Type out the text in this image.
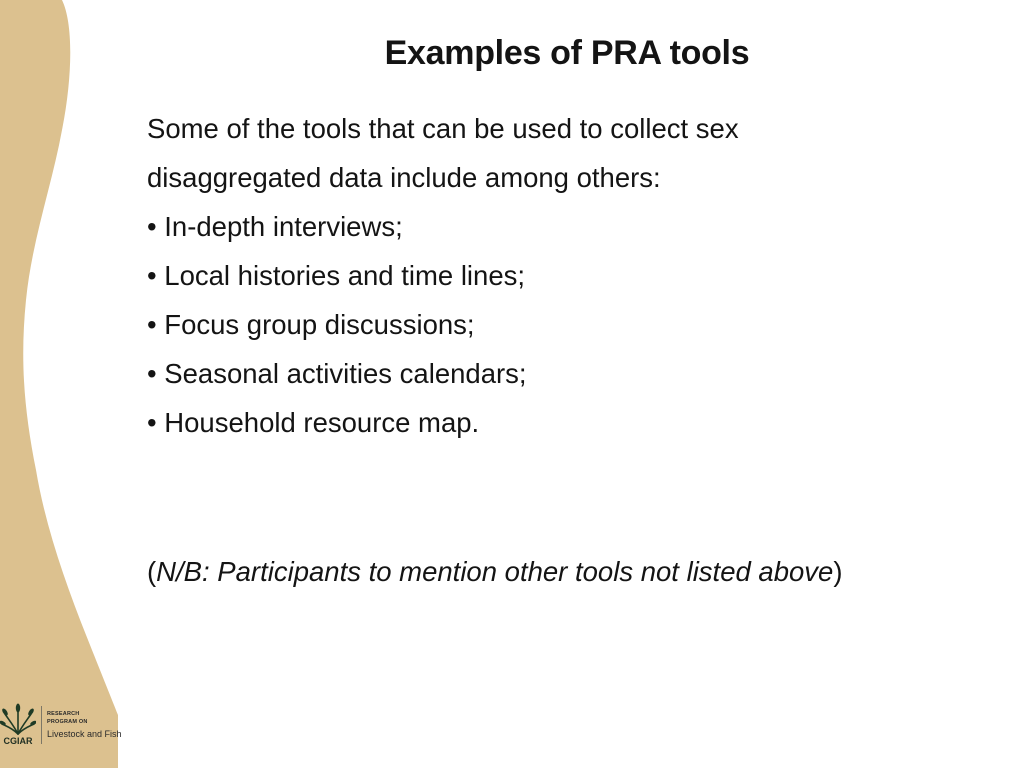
Examples of PRA tools
Some of the tools that can be used to collect sex
disaggregated data include among others:
• In-depth interviews;
• Local histories and time lines;
• Focus group discussions;
• Seasonal activities calendars;
• Household resource map.
(N/B: Participants to mention other tools not listed above)
CGIAR
RESEARCH
PROGRAM ON
Livestock and Fish
